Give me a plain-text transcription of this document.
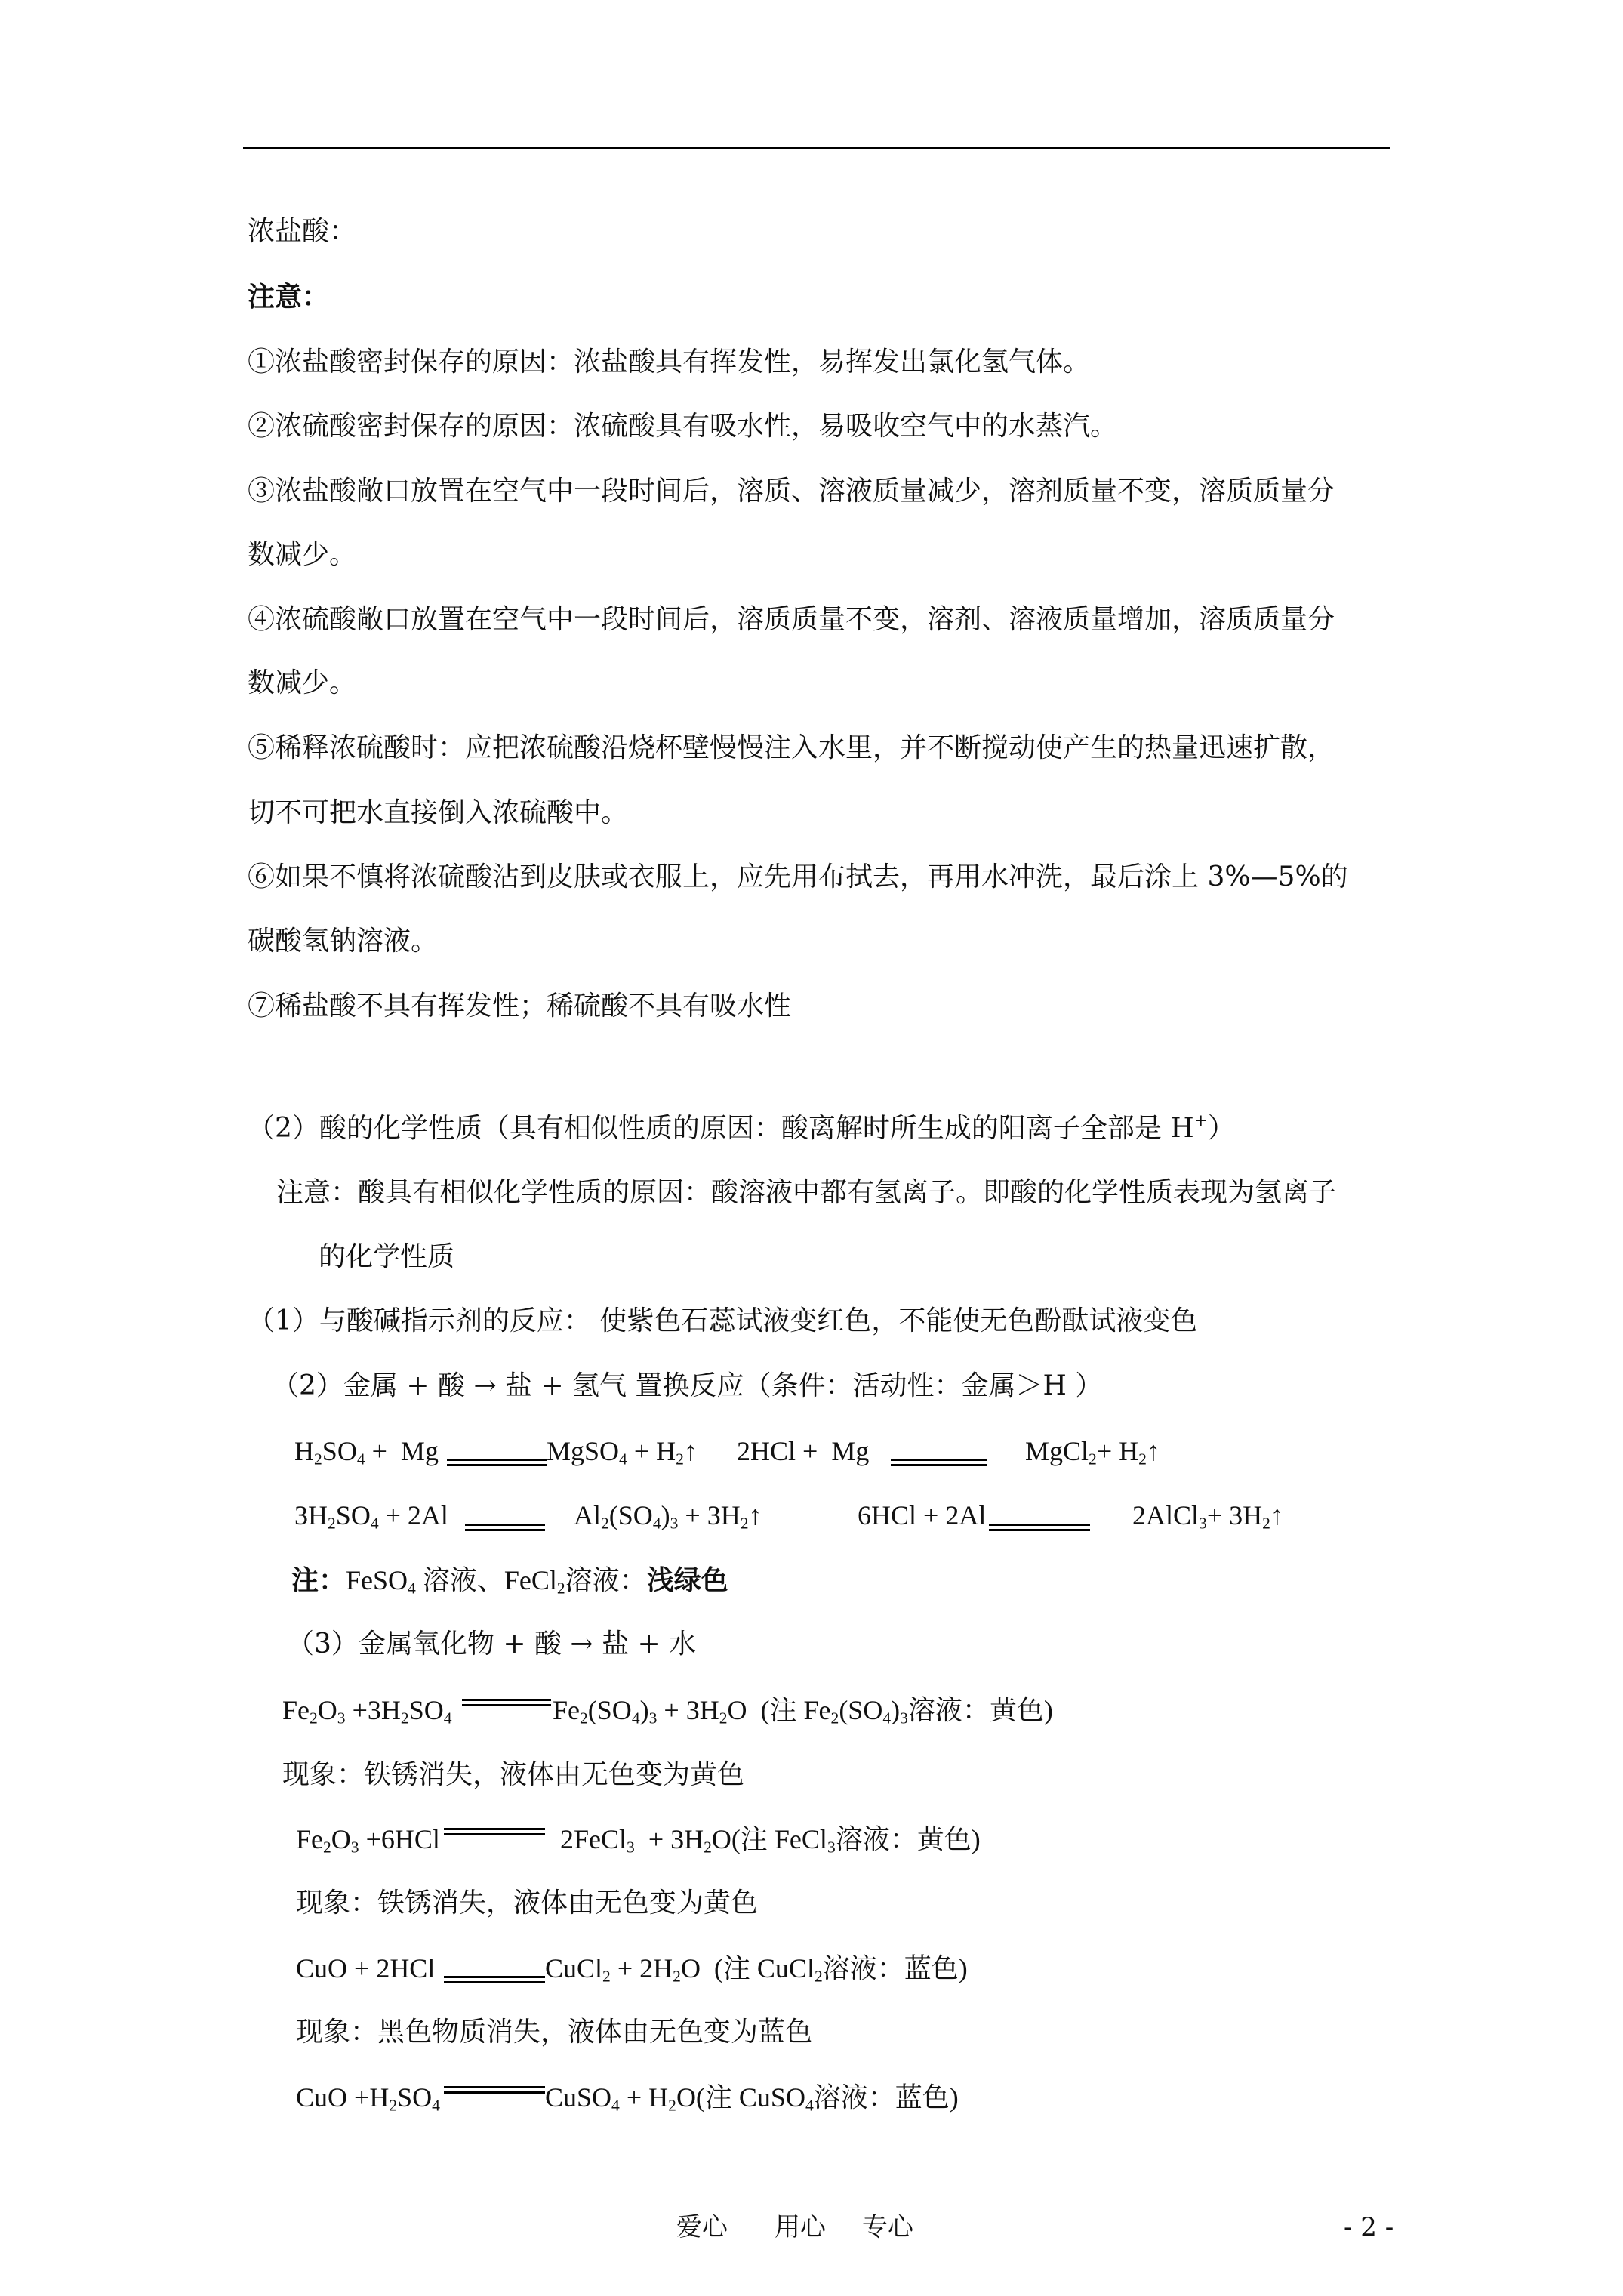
浓盐酸：
注意：
①浓盐酸密封保存的原因：浓盐酸具有挥发性，易挥发出氯化氢气体。
②浓硫酸密封保存的原因：浓硫酸具有吸水性，易吸收空气中的水蒸汽。
③浓盐酸敞口放置在空气中一段时间后，溶质、溶液质量减少，溶剂质量不变，溶质质量分
数减少。
④浓硫酸敞口放置在空气中一段时间后，溶质质量不变，溶剂、溶液质量增加，溶质质量分
数减少。
⑤稀释浓硫酸时：应把浓硫酸沿烧杯壁慢慢注入水里，并不断搅动使产生的热量迅速扩散，
切不可把水直接倒入浓硫酸中。
⑥如果不慎将浓硫酸沾到皮肤或衣服上，应先用布拭去，再用水冲洗，最后涂上 3%—5%的
碳酸氢钠溶液。
⑦稀盐酸不具有挥发性；稀硫酸不具有吸水性
（2）酸的化学性质（具有相似性质的原因：酸离解时所生成的阳离子全部是 H+）
注意：酸具有相似化学性质的原因：酸溶液中都有氢离子。即酸的化学性质表现为氢离子
的化学性质
（1）与酸碱指示剂的反应： 使紫色石蕊试液变红色，不能使无色酚酞试液变色
（2）金属 + 酸 → 盐 + 氢气 置换反应（条件：活动性：金属＞H ）
$H_2SO_4 + Mg$	MgSO$_4$ + $H_2↑$ 2HCl +  Mg	MgCl$_2$+ $H_2↑$
$3H_2SO_4 + 2Al$	$Al_2(SO_4)_3$ + $3H_2↑$	6HCl + 2Al	2AlCl$_3$+ $3H_2↑$
注：FeSO$_4$ 溶液、FeCl$_2$溶液：浅绿色
（3）金属氧化物 + 酸 → 盐 + 水
$Fe_2O_3 +3H_2SO_4$	$Fe_2(SO_4)_3 + 3H_2O$  (注 $Fe_2(SO_4)_3$溶液：黄色)
现象：铁锈消失，液体由无色变为黄色
$Fe_2O_3 +6HCl$	2FeCl$_3$  + $3H_2O$(注 FeCl$_3$溶液：黄色)
现象：铁锈消失，液体由无色变为黄色
CuO + 2HCl	CuCl$_2$ + $2H_2O$  (注 CuCl$_2$溶液：蓝色)
现象：黑色物质消失，液体由无色变为蓝色
CuO $+H_2SO_4$	CuSO$_4$ + $H_2O$(注 CuSO$_4$溶液：蓝色)
爱心 用心 专心	- 2 -
